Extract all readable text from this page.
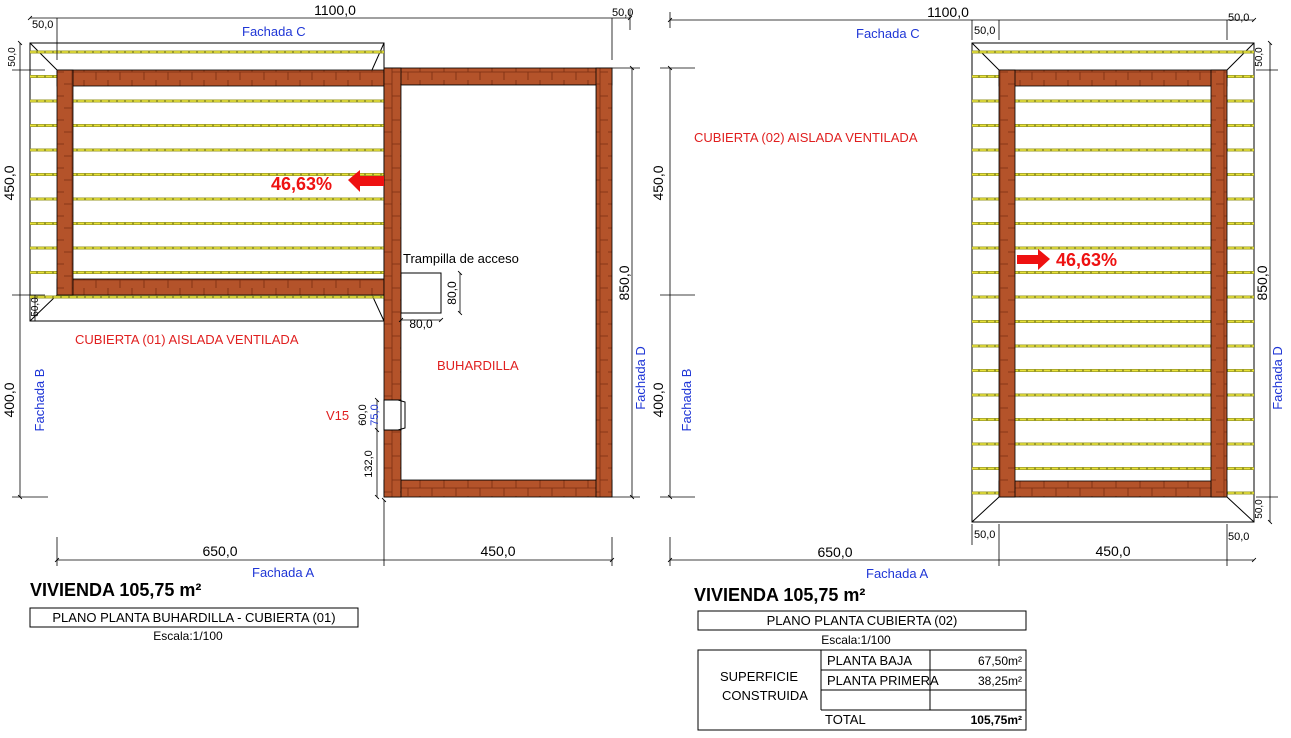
80,0
80,0
Trampilla de acceso
V15 60,0 75,0
132,0
46,63%
CUBIERTA (01) AISLADA VENTILADA
BUHARDILLA
Fachada C
Fachada A
Fachada B	Fachada D
1100,0
50,0
50,0
50,0
50,0
450,0
400,0
850,0
650,0	450,0
VIVIENDA 105,75 m²
PLANO PLANTA BUHARDILLA - CUBIERTA (01)
Escala:1/100
46,63%
CUBIERTA (02) AISLADA VENTILADA
Fachada C
Fachada A
Fachada B	Fachada D
1100,0
50,0
50,0
50,0
50,0
50,0	50,0
450,0
400,0
850,0
650,0	450,0
VIVIENDA 105,75 m²
PLANO PLANTA CUBIERTA (02)
Escala:1/100
SUPERFICIE
CONSTRUIDA
PLANTA BAJA	67,50m²
PLANTA PRIMERA	38,25m²
TOTAL	105,75m²
